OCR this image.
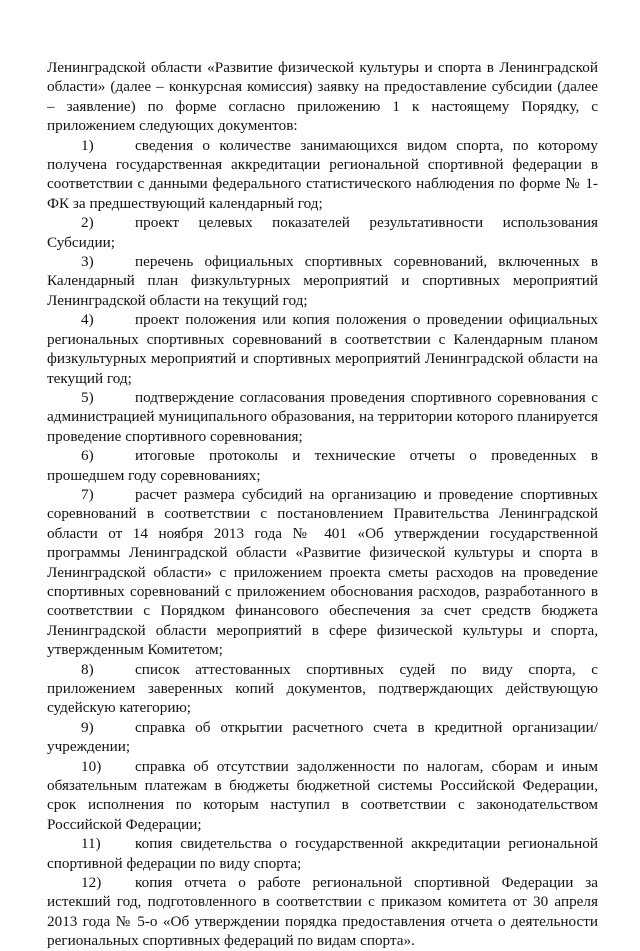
Ленинградской области «Развитие физической культуры и спорта в Ленинградской области» (далее – конкурсная комиссия) заявку на предоставление субсидии (далее – заявление) по форме согласно приложению 1 к настоящему Порядку, с приложением следующих документов:

1)	сведения о количестве занимающихся видом спорта, по которому получена государственная аккредитации региональной спортивной федерации в соответствии с данными федерального статистического наблюдения по форме № 1-ФК за предшествующий календарный год;

2)	проект целевых показателей результативности использования Субсидии;

3)	перечень официальных спортивных соревнований, включенных в Календарный план физкультурных мероприятий и спортивных мероприятий Ленинградской области на текущий год;

4)	проект положения или копия положения о проведении официальных региональных спортивных соревнований в соответствии с Календарным планом физкультурных мероприятий и спортивных мероприятий Ленинградской области на текущий год;

5)	подтверждение согласования проведения спортивного соревнования с администрацией муниципального образования, на территории которого планируется проведение спортивного соревнования;

6)	итоговые протоколы и технические отчеты о проведенных в прошедшем году соревнованиях;

7)	расчет размера субсидий на организацию и проведение спортивных соревнований в соответствии с постановлением Правительства Ленинградской области от 14 ноября 2013 года № 401 «Об утверждении государственной программы Ленинградской области «Развитие физической культуры и спорта в Ленинградской области» с приложением проекта сметы расходов на проведение спортивных соревнований с приложением обоснования расходов, разработанного в соответствии с Порядком финансового обеспечения за счет средств бюджета Ленинградской области мероприятий в сфере физической культуры и спорта, утвержденным Комитетом;

8)	список аттестованных спортивных судей по виду спорта, с приложением заверенных копий документов, подтверждающих действующую судейскую категорию;

9)	справка об открытии расчетного счета в кредитной организации/учреждении;

10) справка об отсутствии задолженности по налогам, сборам и иным обязательным платежам в бюджеты бюджетной системы Российской Федерации, срок исполнения по которым наступил в соответствии с законодательством Российской Федерации;

11) копия свидетельства о государственной аккредитации региональной спортивной федерации по виду спорта;

12) копия отчета о работе региональной спортивной Федерации за истекший год, подготовленного в соответствии с приказом комитета от 30 апреля 2013 года № 5-о «Об утверждении порядка предоставления отчета о деятельности региональных спортивных федераций по видам спорта».
